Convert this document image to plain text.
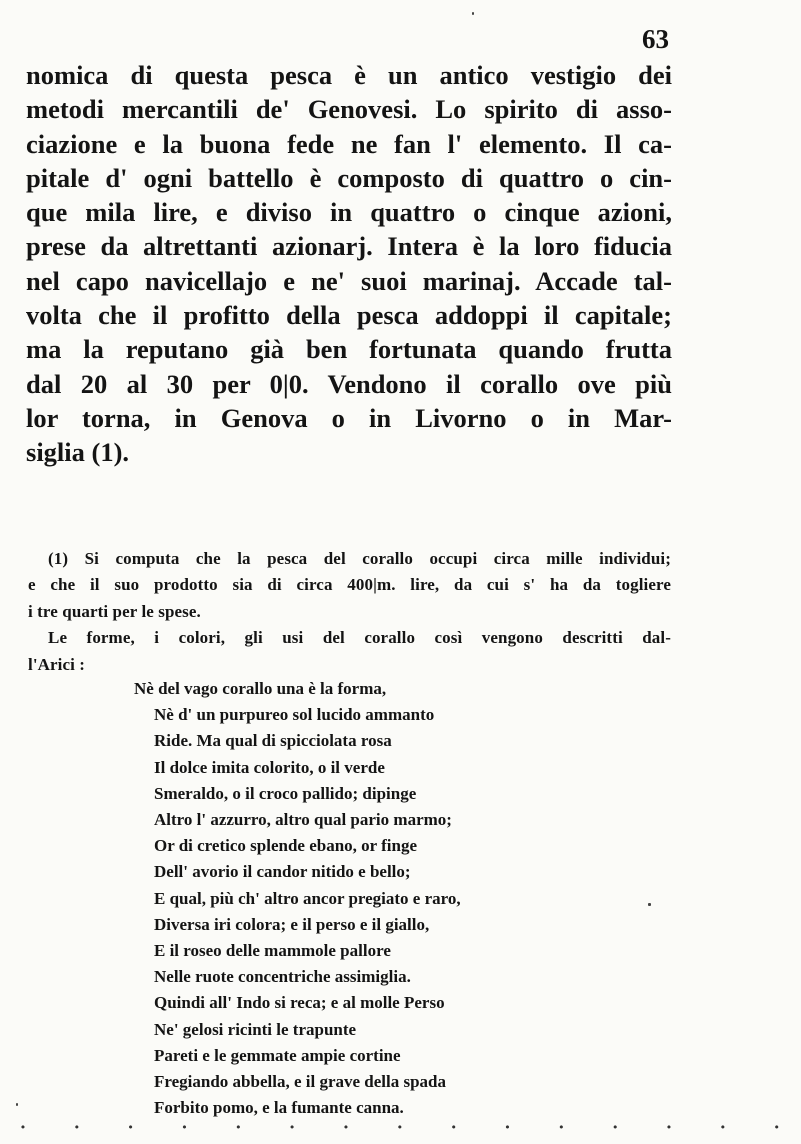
63

nomica di questa pesca è un antico vestigio dei
metodi mercantili de' Genovesi. Lo spirito di asso-
ciazione e la buona fede ne fan l' elemento. Il ca-
pitale d' ogni battello è composto di quattro o cin-
que mila lire, e diviso in quattro o cinque azioni,
prese da altrettanti azionarj. Intera è la loro fiducia
nel capo navicellajo e ne' suoi marinaj. Accade tal-
volta che il profitto della pesca addoppi il capitale;
ma la reputano già ben fortunata quando frutta
dal 20 al 30 per 0|0. Vendono il corallo ove più
lor torna, in Genova o in Livorno o in Mar-
siglia (1).

(1) Si computa che la pesca del corallo occupi circa mille individui;
e che il suo prodotto sia di circa 400|m. lire, da cui s' ha da togliere
i tre quarti per le spese.
Le forme, i colori, gli usi del corallo così vengono descritti dal-
l'Arici :
Nè del vago corallo una è la forma,
Nè d' un purpureo sol lucido ammanto
Ride. Ma qual di spicciolata rosa
Il dolce imita colorito, o il verde
Smeraldo, o il croco pallido; dipinge
Altro l' azzurro, altro qual pario marmo;
Or di cretico splende ebano, or finge
Dell' avorio il candor nitido e bello;
E qual, più ch' altro ancor pregiato e raro,
Diversa iri colora; e il perso e il giallo,
E il roseo delle mammole pallore
Nelle ruote concentriche assimiglia.
Quindi all' Indo si reca; e al molle Perso
Ne' gelosi ricinti le trapunte
Pareti e le gemmate ampie cortine
Fregiando abbella, e il grave della spada
Forbito pomo, e la fumante canna.
· · · · · · · · · · · · · · ·
